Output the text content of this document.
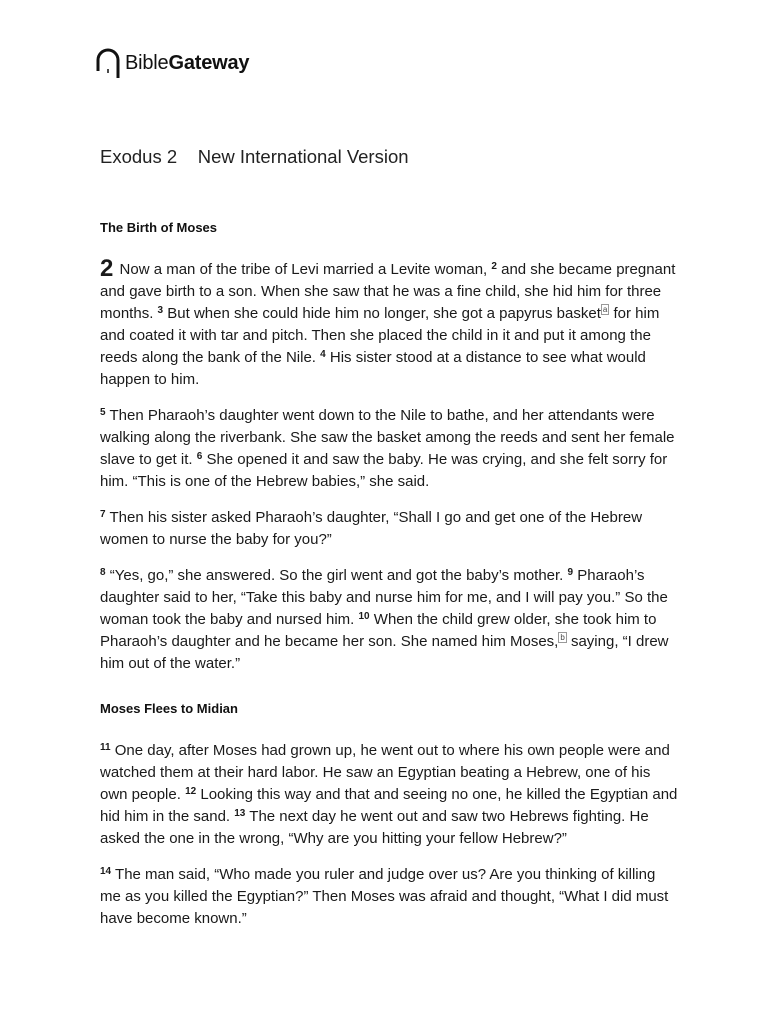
BibleGateway
Exodus 2 New International Version
The Birth of Moses

2 Now a man of the tribe of Levi married a Levite woman, $^2$ and she became pregnant and gave birth to a son. When she saw that he was a fine child, she hid him for three months. $^3$ But when she could hide him no longer, she got a papyrus basket $^a$ for him and coated it with tar and pitch. Then she placed the child in it and put it among the reeds along the bank of the Nile. $^4$ His sister stood at a distance to see what would happen to him.

$^5$ Then Pharaoh’s daughter went down to the Nile to bathe, and her attendants were walking along the riverbank. She saw the basket among the reeds and sent her female slave to get it. $^6$ She opened it and saw the baby. He was crying, and she felt sorry for him. “This is one of the Hebrew babies,” she said.

$^7$ Then his sister asked Pharaoh’s daughter, “Shall I go and get one of the Hebrew women to nurse the baby for you?”

$^8$ “Yes, go,” she answered. So the girl went and got the baby’s mother. $^9$ Pharaoh’s daughter said to her, “Take this baby and nurse him for me, and I will pay you.” So the woman took the baby and nursed him. $^{10}$ When the child grew older, she took him to Pharaoh’s daughter and he became her son. She named him Moses, $^b$ saying, “I drew him out of the water.”

Moses Flees to Midian

$^{11}$ One day, after Moses had grown up, he went out to where his own people were and watched them at their hard labor. He saw an Egyptian beating a Hebrew, one of his own people. $^{12}$ Looking this way and that and seeing no one, he killed the Egyptian and hid him in the sand. $^{13}$ The next day he went out and saw two Hebrews fighting. He asked the one in the wrong, “Why are you hitting your fellow Hebrew?”

$^{14}$ The man said, “Who made you ruler and judge over us? Are you thinking of killing me as you killed the Egyptian?” Then Moses was afraid and thought, “What I did must have become known.”
